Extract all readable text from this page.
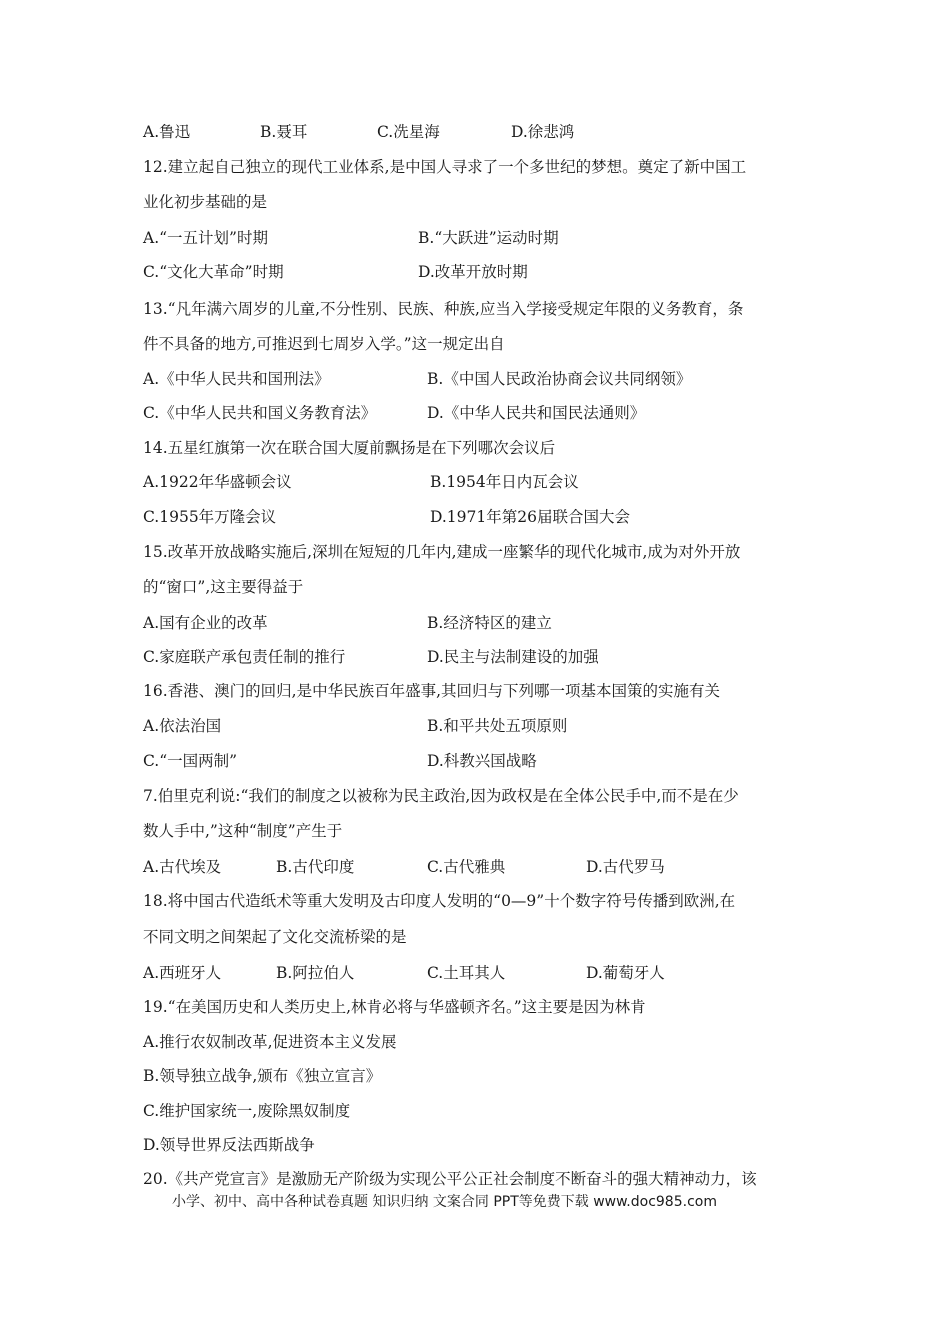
A.鲁迅	B.聂耳	C.冼星海	D.徐悲鸿
12.建立起自己独立的现代工业体系,是中国人寻求了一个多世纪的梦想。奠定了新中国工
业化初步基础的是
A.“一五计划”时期	B.“大跃进”运动时期
C.“文化大革命”时期	D.改革开放时期
13.“凡年满六周岁的儿童,不分性别、民族、种族,应当入学接受规定年限的义务教育，条
件不具备的地方,可推迟到七周岁入学。”这一规定出自
A.《中华人民共和国刑法》	B.《中国人民政治协商会议共同纲领》
C.《中华人民共和国义务教育法》	D.《中华人民共和国民法通则》
14.五星红旗第一次在联合国大厦前飘扬是在下列哪次会议后
A.1922年华盛顿会议	B.1954年日内瓦会议
C.1955年万隆会议	D.1971年第26届联合国大会
15.改革开放战略实施后,深圳在短短的几年内,建成一座繁华的现代化城市,成为对外开放
的“窗口”,这主要得益于
A.国有企业的改革	B.经济特区的建立
C.家庭联产承包责任制的推行	D.民主与法制建设的加强
16.香港、澳门的回归,是中华民族百年盛事,其回归与下列哪一项基本国策的实施有关
A.依法治国	B.和平共处五项原则
C.“一国两制”	D.科教兴国战略
7.伯里克利说:“我们的制度之以被称为民主政治,因为政权是在全体公民手中,而不是在少
数人手中,”这种“制度”产生于
A.古代埃及	B.古代印度	C.古代雅典	D.古代罗马
18.将中国古代造纸术等重大发明及古印度人发明的“0—9”十个数字符号传播到欧洲,在
不同文明之间架起了文化交流桥梁的是
A.西班牙人	B.阿拉伯人	C.土耳其人	D.葡萄牙人
19.“在美国历史和人类历史上,林肯必将与华盛顿齐名。”这主要是因为林肯
A.推行农奴制改革,促进资本主义发展
B.领导独立战争,颁布《独立宣言》
C.维护国家统一,废除黑奴制度
D.领导世界反法西斯战争
20.《共产党宣言》是激励无产阶级为实现公平公正社会制度不断奋斗的强大精神动力，该
小学、初中、高中各种试卷真题 知识归纳 文案合同 PPT等免费下载 www.doc985.com
